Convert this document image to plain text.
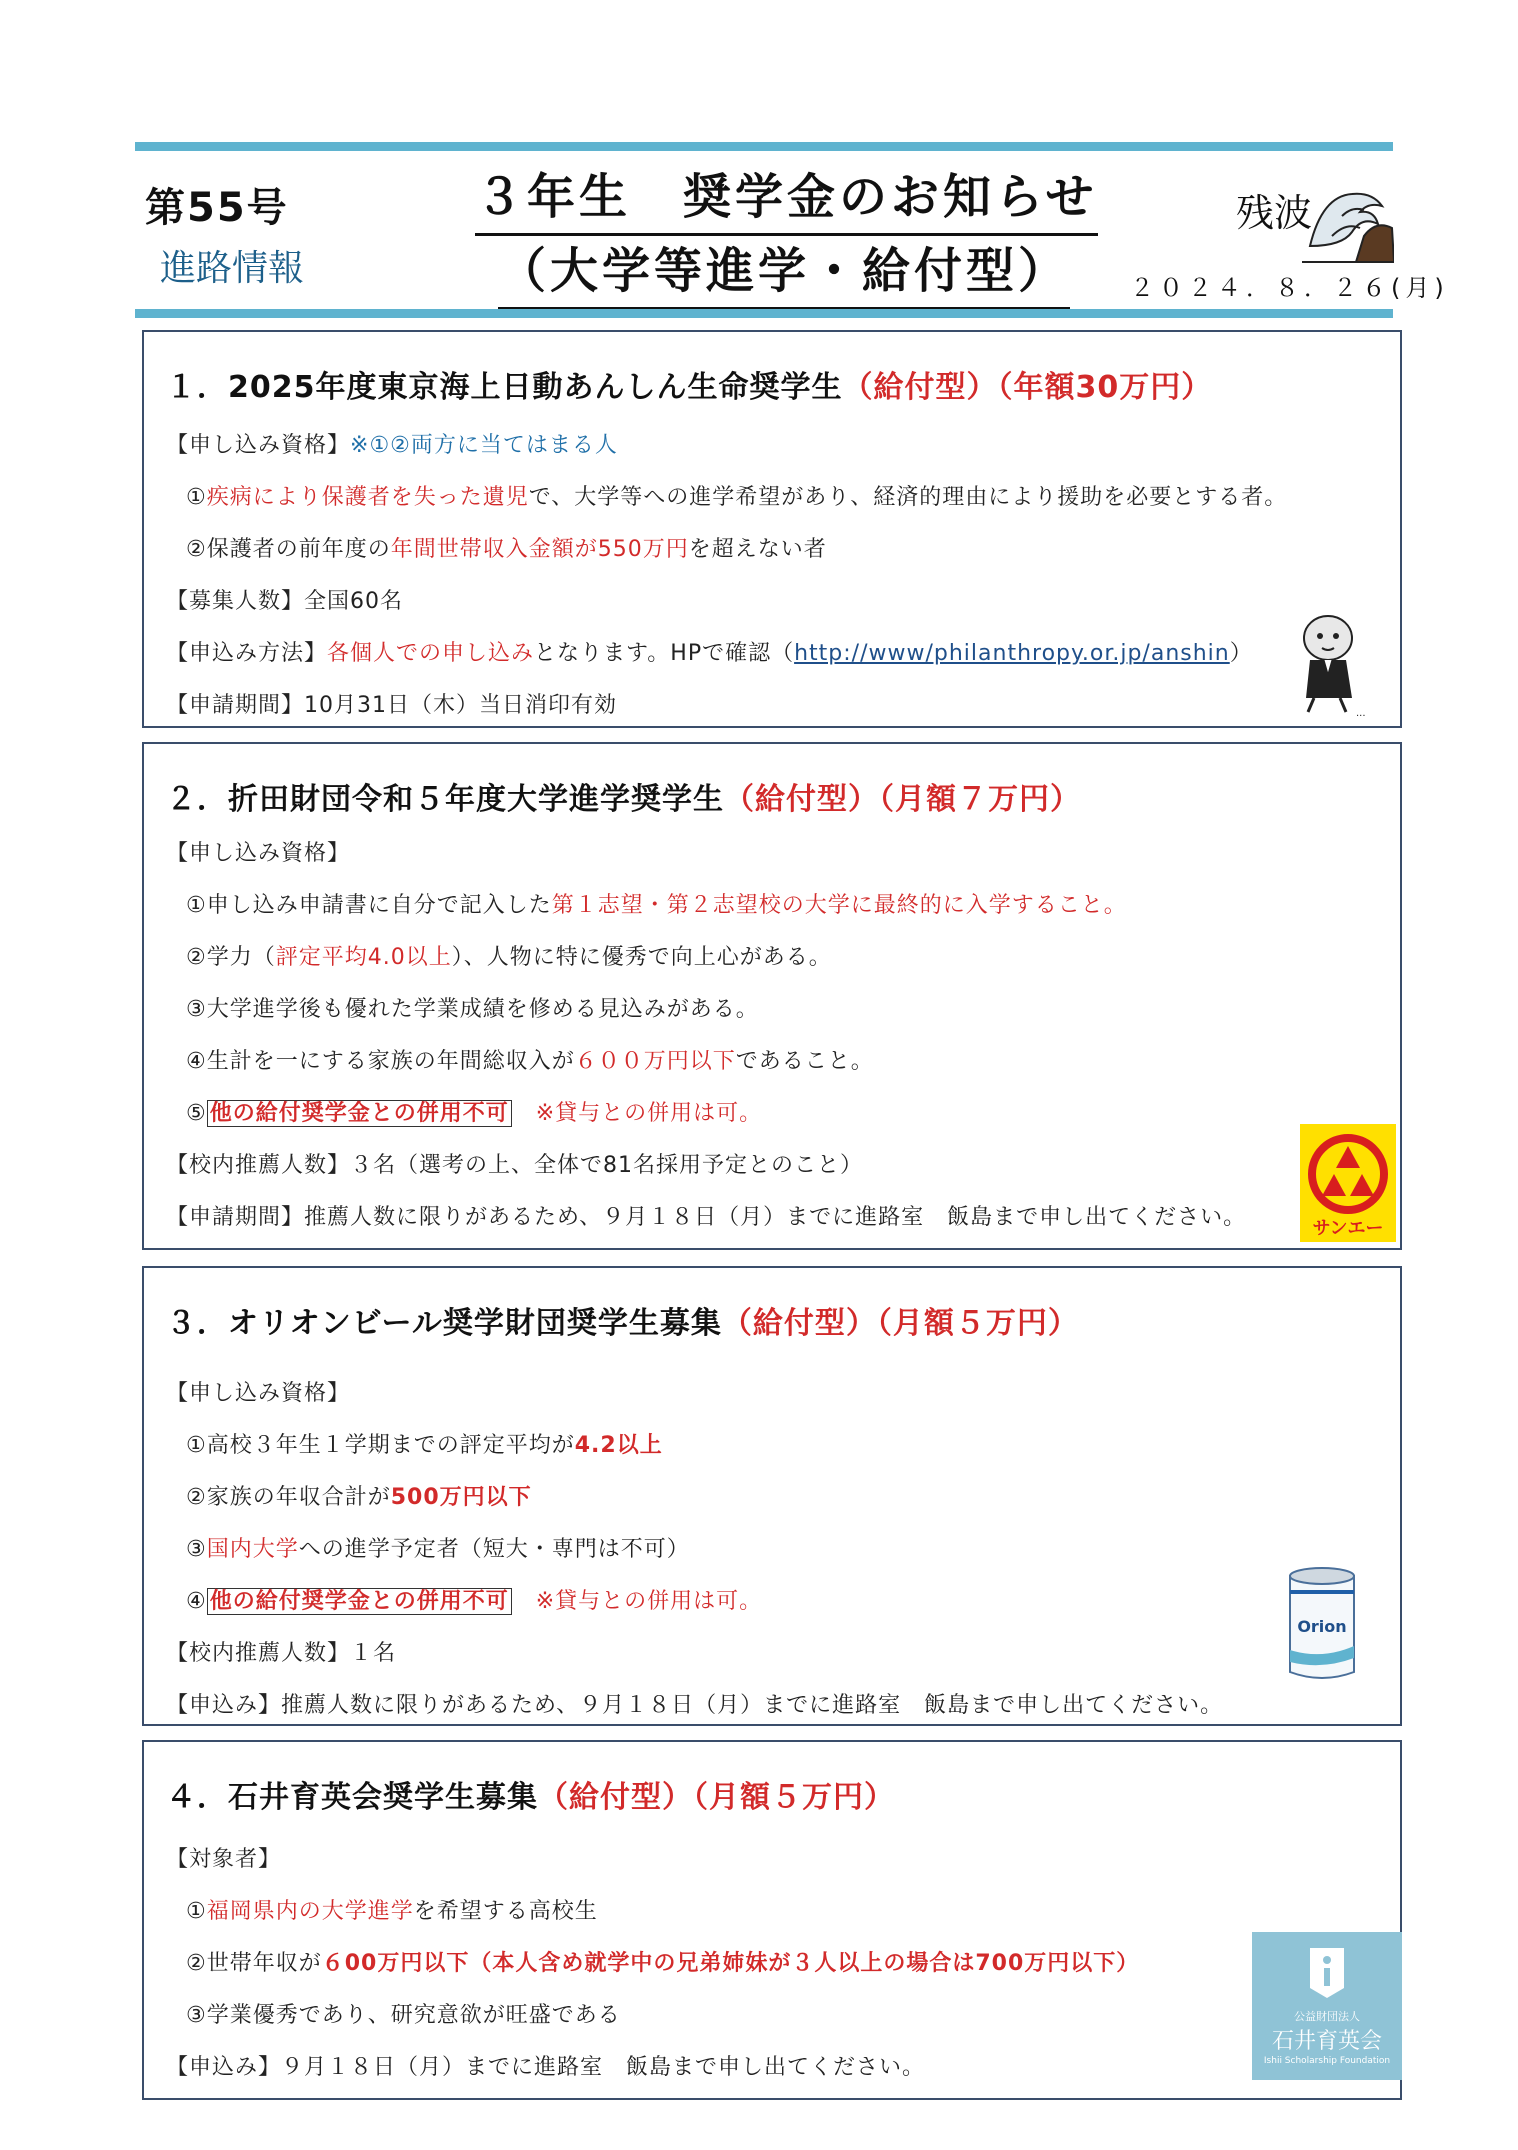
第55号
進路情報
３年生　奨学金のお知らせ
（大学等進学・給付型）
残波
２０２４．８．２６(月)
１．2025年度東京海上日動あんしん生命奨学生（給付型）（年額30万円）
【申し込み資格】※①②両方に当てはまる人
①疾病により保護者を失った遺児で、大学等への進学希望があり、経済的理由により援助を必要とする者。
②保護者の前年度の年間世帯収入金額が550万円を超えない者
【募集人数】全国60名
【申込み方法】各個人での申し込みとなります。HPで確認（http://www/philanthropy.or.jp/anshin）
【申請期間】10月31日（木）当日消印有効	...
２．折田財団令和５年度大学進学奨学生（給付型）（月額７万円）
【申し込み資格】
①申し込み申請書に自分で記入した第１志望・第２志望校の大学に最終的に入学すること。
②学力（評定平均4.0以上）、人物に特に優秀で向上心がある。
③大学進学後も優れた学業成績を修める見込みがある。
④生計を一にする家族の年間総収入が６００万円以下であること。
⑤ 他の給付奨学金との併用不可 ※貸与との併用は可。
【校内推薦人数】３名（選考の上、全体で81名採用予定とのこと）
【申請期間】推薦人数に限りがあるため、９月１８日（月）までに進路室　飯島まで申し出てください。	サンエー
３．オリオンビール奨学財団奨学生募集（給付型）（月額５万円）
【申し込み資格】
①高校３年生１学期までの評定平均が4.2以上
②家族の年収合計が500万円以下
③国内大学への進学予定者（短大・専門は不可）
④ 他の給付奨学金との併用不可 ※貸与との併用は可。
【校内推薦人数】１名
【申込み】推薦人数に限りがあるため、９月１８日（月）までに進路室　飯島まで申し出てください。
Orion
４．石井育英会奨学生募集（給付型）（月額５万円）
【対象者】
①福岡県内の大学進学を希望する高校生
②世帯年収が６00万円以下（本人含め就学中の兄弟姉妹が３人以上の場合は700万円以下）
③学業優秀であり、研究意欲が旺盛である
【申込み】９月１８日（月）までに進路室　飯島まで申し出てください。
公益財団法人
石井育英会
Ishii Scholarship Foundation
